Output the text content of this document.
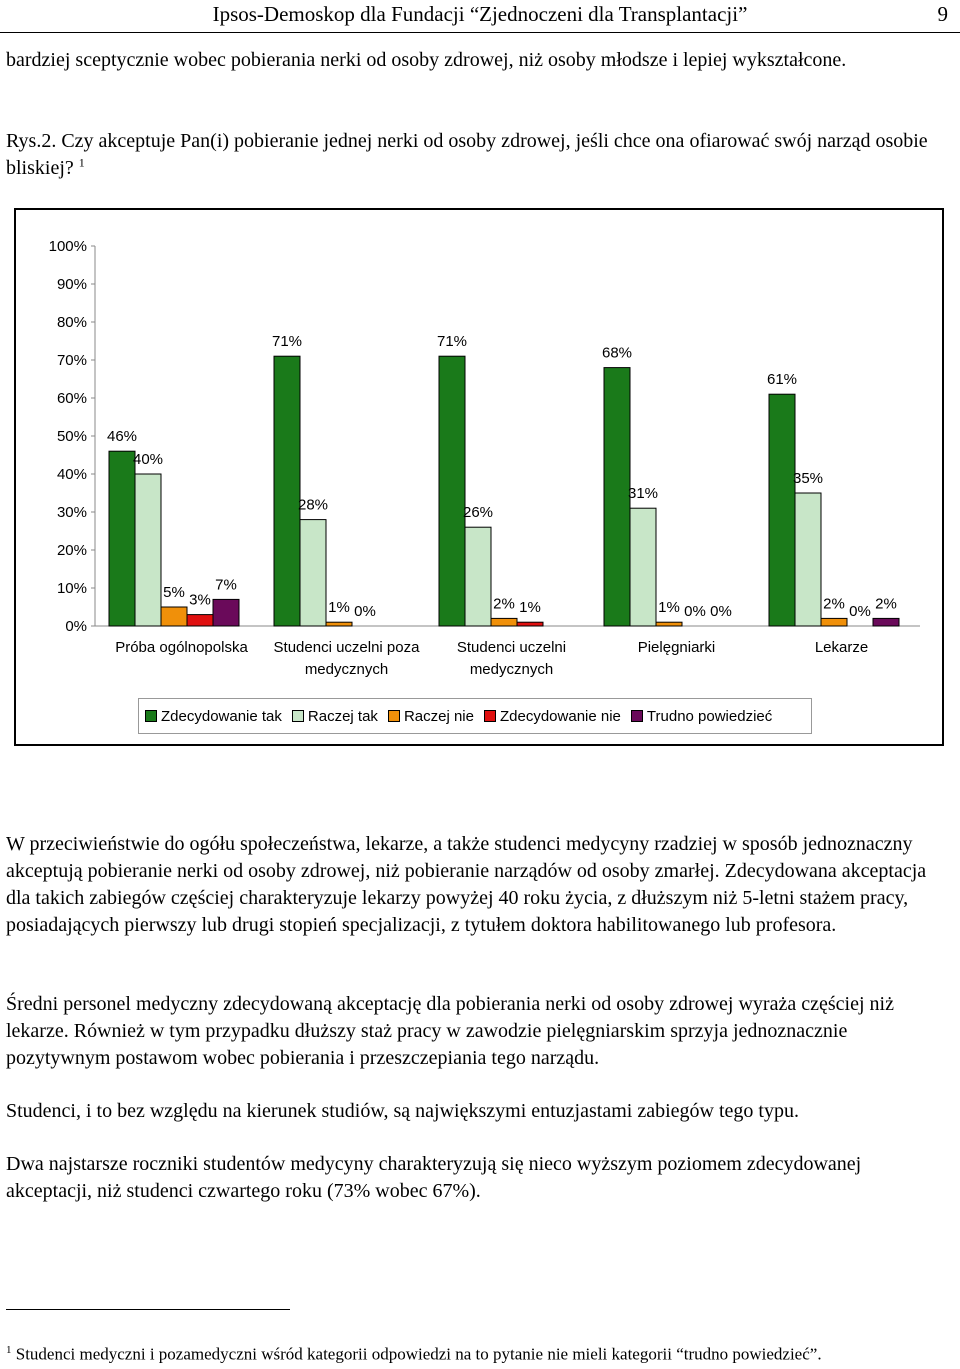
Ipsos-Demoskop dla Fundacji “Zjednoczeni dla Transplantacji”	9

bardziej sceptycznie wobec pobierania nerki od osoby zdrowej, niż osoby młodsze i lepiej wykształcone.

Rys.2. Czy akceptuje Pan(i) pobieranie jednej nerki od osoby zdrowej, jeśli chce ona ofiarować swój narząd osobie bliskiej? $^1$

0%
10%
20%
30%
40%
50%
60%
70%
80%
90%
100%
46%
40%
5% 3%
7%
Próba ogólnopolska
71%
28%
1% 0%
Studenci uczelni poza
medycznych
71%
26%
2% 1%
Studenci uczelni
medycznych
68%
31%
1% 0% 0%
Pielęgniarki
61%
35%
2% 0% 2%
Lekarze
Zdecydowanie tak Raczej tak Raczej nie Zdecydowanie nie Trudno powiedzieć

W przeciwieństwie do ogółu społeczeństwa, lekarze, a także studenci medycyny rzadziej w sposób jednoznaczny akceptują pobieranie nerki od osoby zdrowej, niż pobieranie narządów od osoby zmarłej. Zdecydowana akceptacja dla takich zabiegów częściej charakteryzuje lekarzy powyżej 40 roku życia, z dłuższym niż 5-letni stażem pracy, posiadających pierwszy lub drugi stopień specjalizacji, z tytułem doktora habilitowanego lub profesora.

Średni personel medyczny zdecydowaną akceptację dla pobierania nerki od osoby zdrowej wyraża częściej niż lekarze. Również w tym przypadku dłuższy staż pracy w zawodzie pielęgniarskim sprzyja jednoznacznie pozytywnym postawom wobec pobierania i przeszczepiania tego narządu.

Studenci, i to bez względu na kierunek studiów, są największymi entuzjastami zabiegów tego typu.

Dwa najstarsze roczniki studentów medycyny charakteryzują się nieco wyższym poziomem zdecydowanej akceptacji, niż studenci czwartego roku (73% wobec 67%).

$^1$ Studenci medyczni i pozamedyczni wśród kategorii odpowiedzi na to pytanie nie mieli kategorii “trudno powiedzieć”.
